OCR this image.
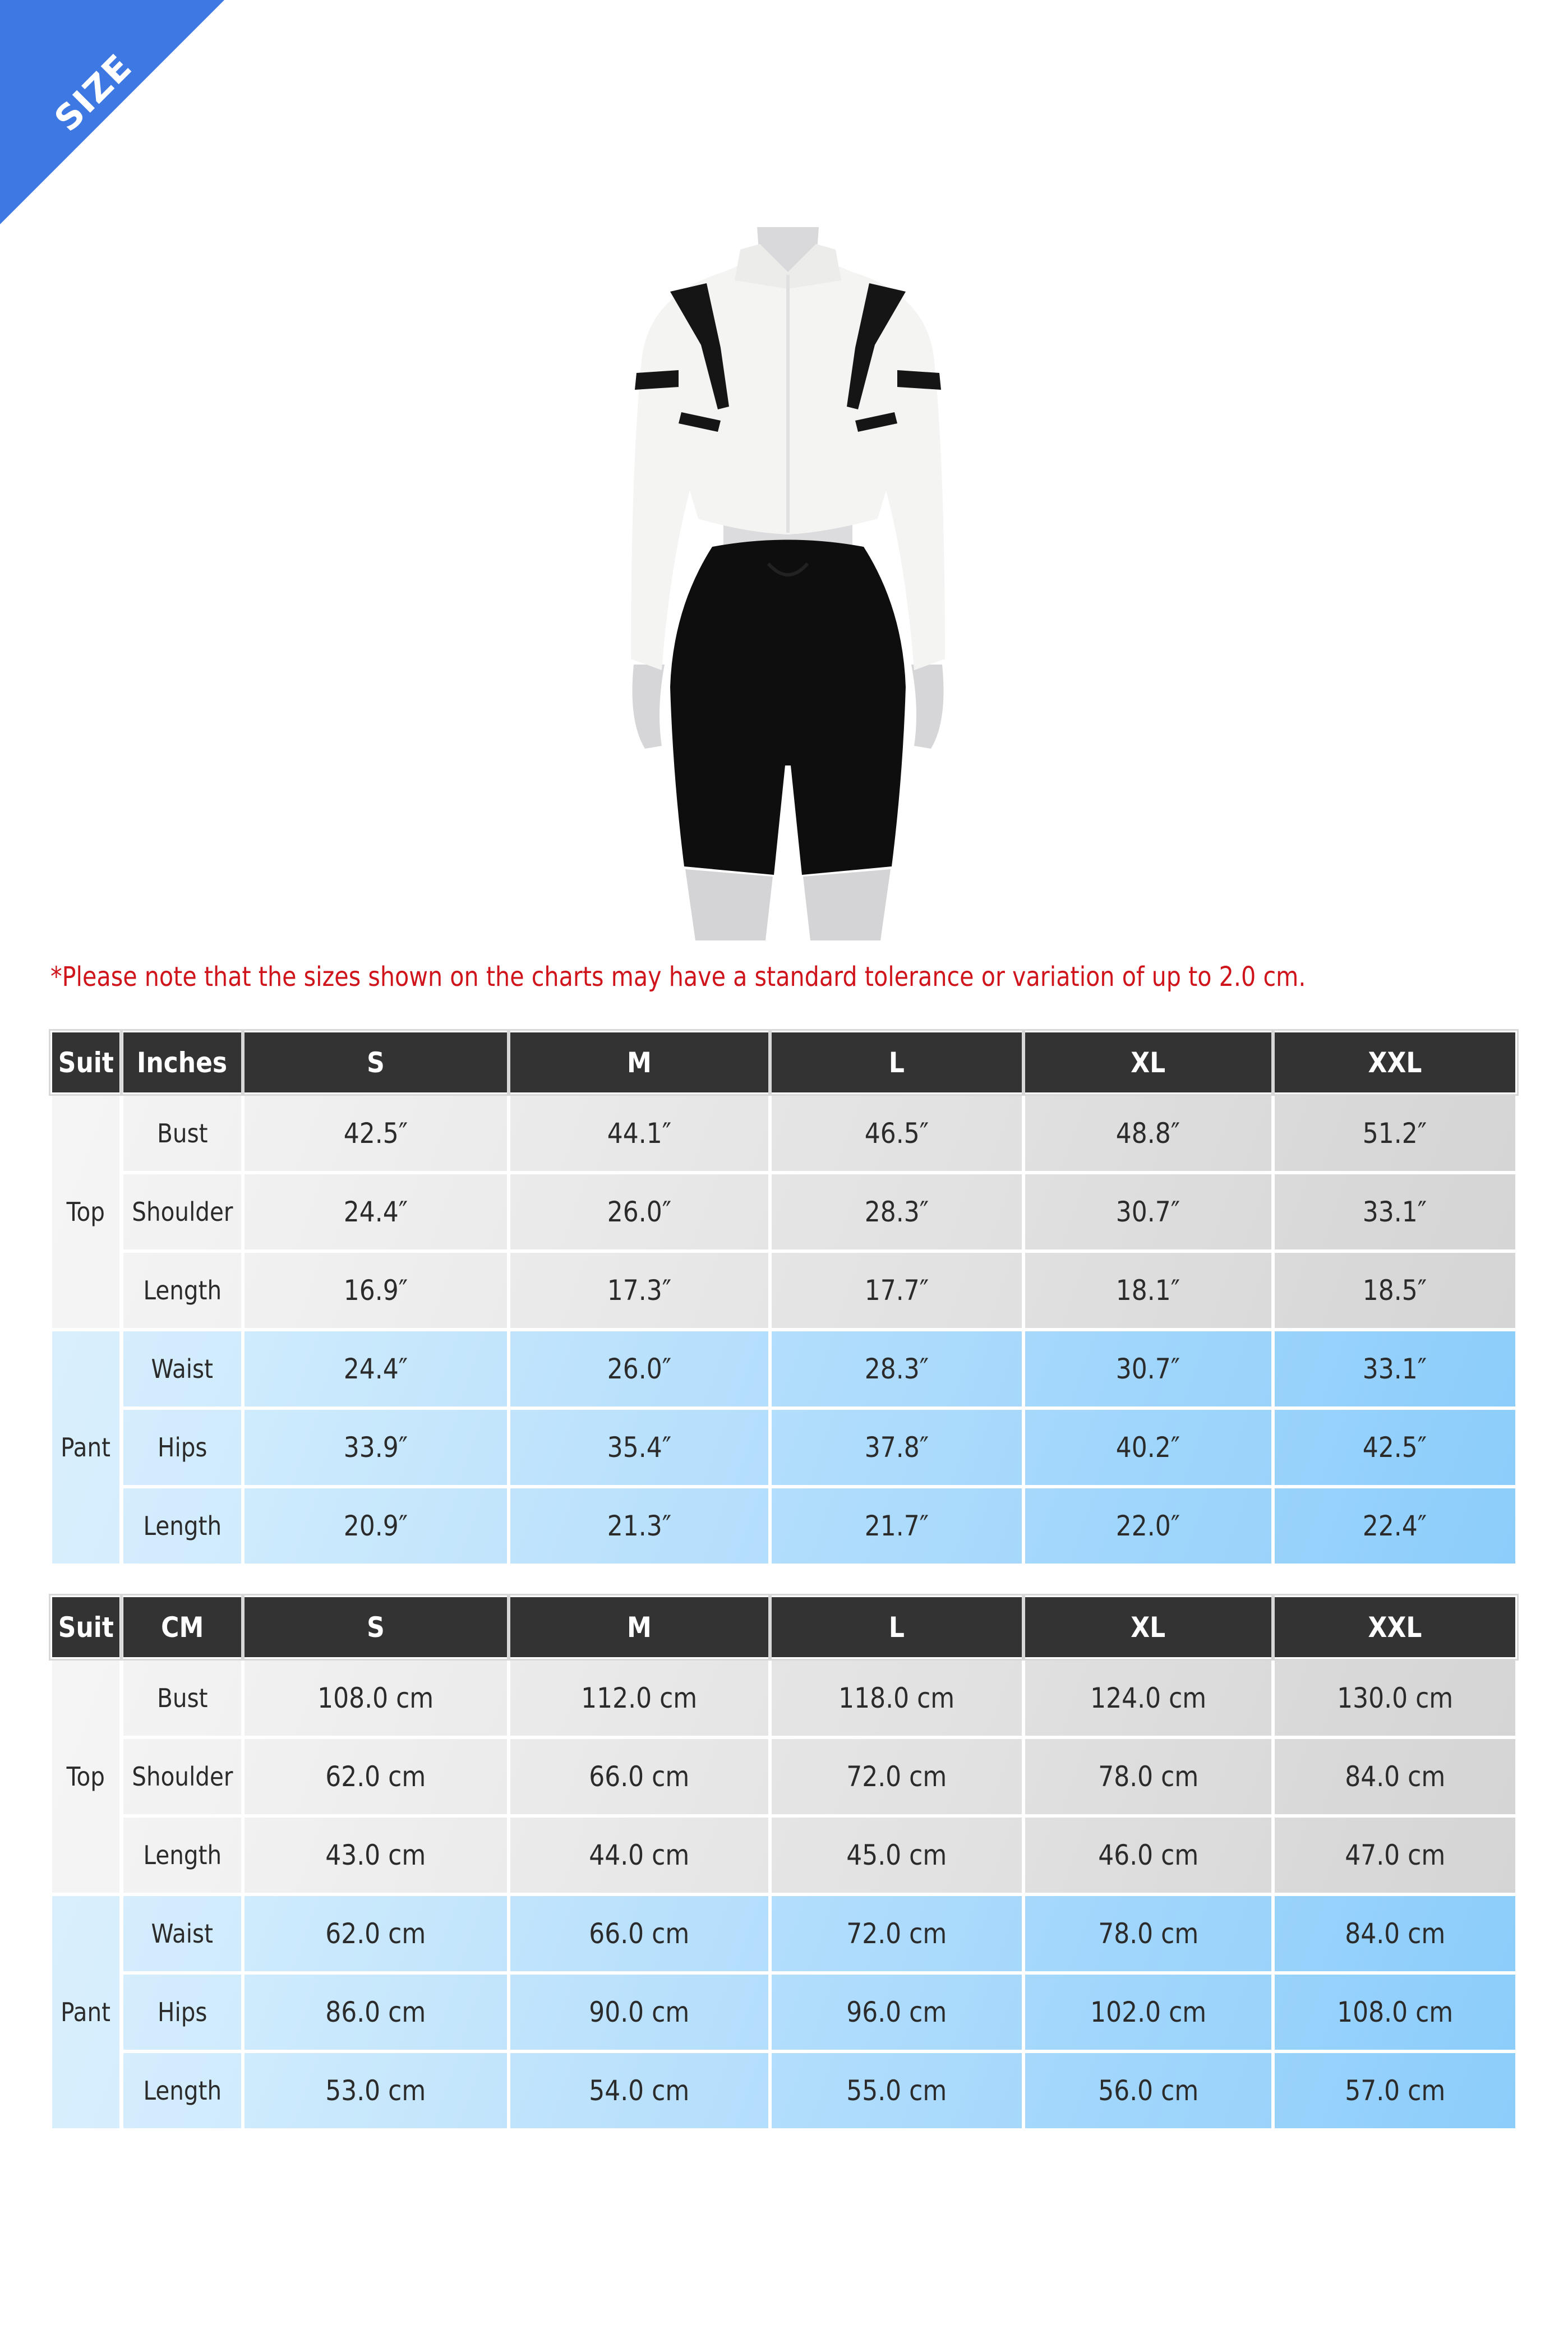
SIZE CHART
*Please note that the sizes shown on the charts may have a standard tolerance or variation of up to 2.0 cm.
Suit Inches	S	M	L	XL	XXL
Top
Bust	42.5″	44.1″	46.5″	48.8″	51.2″
Shoulder	24.4″	26.0″	28.3″	30.7″	33.1″
Length	16.9″	17.3″	17.7″	18.1″	18.5″
Pant
Waist	24.4″	26.0″	28.3″	30.7″	33.1″
Hips	33.9″	35.4″	37.8″	40.2″	42.5″
Length	20.9″	21.3″	21.7″	22.0″	22.4″
Suit CM	S	M	L	XL	XXL
Top
Bust	108.0 cm	112.0 cm	118.0 cm	124.0 cm	130.0 cm
Shoulder	62.0 cm	66.0 cm	72.0 cm	78.0 cm	84.0 cm
Length	43.0 cm	44.0 cm	45.0 cm	46.0 cm	47.0 cm
Pant
Waist	62.0 cm	66.0 cm	72.0 cm	78.0 cm	84.0 cm
Hips	86.0 cm	90.0 cm	96.0 cm	102.0 cm	108.0 cm
Length	53.0 cm	54.0 cm	55.0 cm	56.0 cm	57.0 cm
